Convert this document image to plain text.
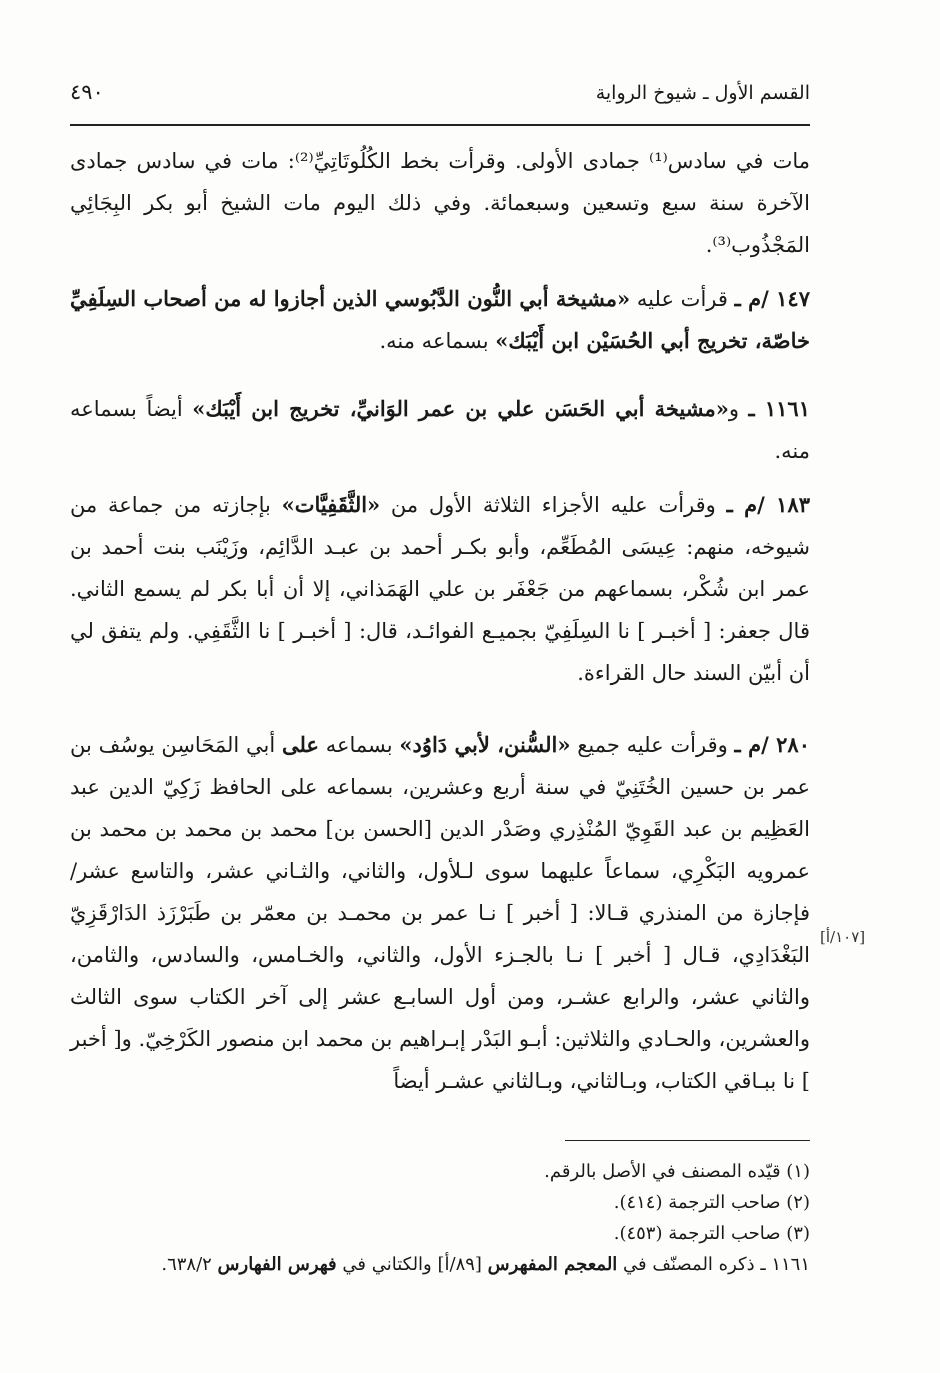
القسم الأول ـ شيوخ الرواية
٤٩٠

مات في سادس⁽¹⁾ جمادى الأولى. وقرأت بخط الكُلُوتَاتِيِّ⁽²⁾: مات في سادس جمادى الآخرة سنة سبع وتسعين وسبعمائة. وفي ذلك اليوم مات الشيخ أبو بكر البِجَائِي المَجْذُوب⁽³⁾.

١٤٧ /م ـ قرأت عليه «مشيخة أبي النُّون الدَّبُوسي الذين أجازوا له من أصحاب السِلَفِيِّ خاصّة، تخريج أبي الحُسَيْن ابن أَيْبَك» بسماعه منه.

١١٦١ ـ و«مشيخة أبي الحَسَن علي بن عمر الوَانيِّ، تخريج ابن أَيْبَك» أيضاً بسماعه منه.

١٨٣ /م ـ وقرأت عليه الأجزاء الثلاثة الأول من «الثَّقَفِيَّات» بإجازته من جماعة من شيوخه، منهم: عِيسَى المُطَعِّم، وأبو بكـر أحمد بن عبـد الدَّائِم، وزَيْنَب بنت أحمد بن عمر ابن شُكْر، بسماعهم من جَعْفَر بن علي الهَمَذاني، إلا أن أبا بكر لم يسمع الثاني. قال جعفر: [ أخبـر ] نا السِلَفِيّ بجميـع الفوائـد، قال: [ أخبـر ] نا الثَّقَفِي. ولم يتفق لي أن أبيّن السند حال القراءة.

٢٨٠ /م ـ وقرأت عليه جميع «السُّنن، لأبي دَاوُد» بسماعه على أبي المَحَاسِن يوسُف بن عمر بن حسين الخُتَنِيّ في سنة أربع وعشرين، بسماعه على الحافظ زَكِيّ الدين عبد العَظِيم بن عبد القَوِيّ المُنْذِري وصَدْر الدين [الحسن بن] محمد بن محمد بن محمد بن عمرويه البَكْرِي، سماعاً عليهما سوى لـلأول، والثاني، والثـاني عشر، والتاسع عشر/ فإجازة من المنذري قـالا: [ أخبر ] نـا عمر بن محمـد بن معمّر بن طَبَرْزَذ الدَارْقَزِيّ البَغْدَادِي، قـال [ أخبر ] نـا بالجـزء الأول، والثاني، والخـامس، والسادس، والثامن، والثاني عشر، والرابع عشـر، ومن أول السابـع عشر إلى آخر الكتاب سوى الثالث والعشرين، والحـادي والثلاثين: أبـو البَدْر إبـراهيم بن محمد ابن منصور الكَرْخِيّ. و[ أخبر ] نا ببـاقي الكتاب، وبـالثاني، وبـالثاني عشـر أيضاً

[١٠٧/أ]
(١) قيّده المصنف في الأصل بالرقم.
(٢) صاحب الترجمة (٤١٤).
(٣) صاحب الترجمة (٤٥٣).
١١٦١ ـ ذكره المصنّف في المعجم المفهرس [٨٩/أ] والكتاني في فهرس الفهارس ٦٣٨/٢.
